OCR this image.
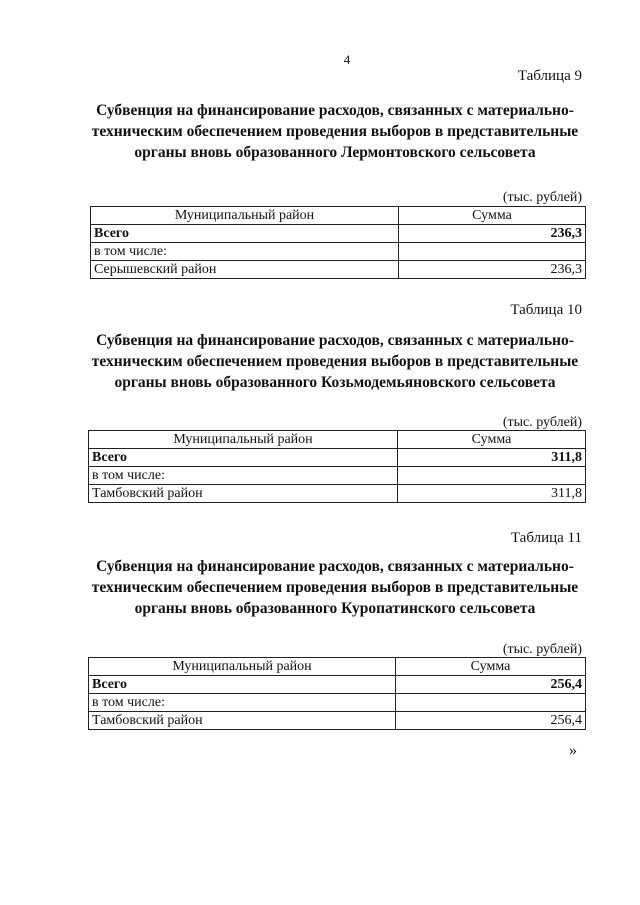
4
Таблица 9
Субвенция на финансирование расходов, связанных с материально-техническим обеспечением проведения выборов в представительные органы вновь образованного Лермонтовского сельсовета
(тыс. рублей)
Муниципальный район	Сумма
Всего	236,3
в том числе:	
Серышевский район	236,3
Таблица 10
Субвенция на финансирование расходов, связанных с материально-техническим обеспечением проведения выборов в представительные органы вновь образованного Козьмодемьяновского сельсовета
(тыс. рублей)
Муниципальный район	Сумма
Всего	311,8
в том числе:	
Тамбовский район	311,8
Таблица 11
Субвенция на финансирование расходов, связанных с материально-техническим обеспечением проведения выборов в представительные органы вновь образованного Куропатинского сельсовета
(тыс. рублей)
Муниципальный район	Сумма
Всего	256,4
в том числе:	
Тамбовский район	256,4
»
